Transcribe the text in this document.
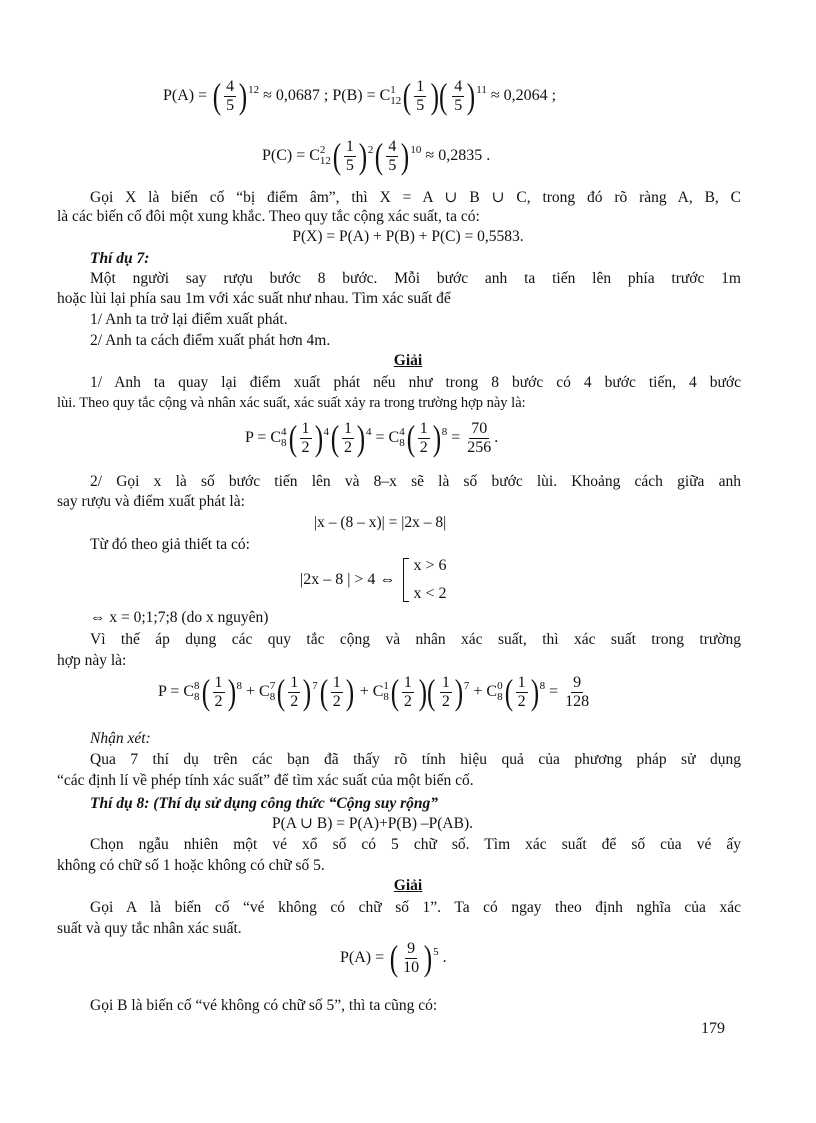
P(A) =
( $\frac{4}{5} )^{12}$
≈ 0,0687 ;
P(B) = C 1
12 ( $\frac{1}{5}$ )( $\frac{4}{5} )^{11}$
≈ 0,2064 ;
P(C) = C 2
12 ( $\frac{1}{5} )^2$ ( $\frac{4}{5} )^{10}$
≈ 0,2835 .
Gọi X là biến cố “bị điểm âm”, thì X = A ∪ B ∪ C, trong đó rõ ràng A, B, C
là các biến cố đôi một xung khắc. Theo quy tắc cộng xác suất, ta có:
P(X) = P(A) + P(B) + P(C) = 0,5583.
Thí dụ 7:
Một người say rượu bước 8 bước. Mỗi bước anh ta tiến lên phía trước 1m
hoặc lùi lại phía sau 1m với xác suất như nhau. Tìm xác suất để
1/ Anh ta trở lại điểm xuất phát.
2/ Anh ta cách điểm xuất phát hơn 4m.
Giải
1/ Anh ta quay lại điểm xuất phát nếu như trong 8 bước có 4 bước tiến, 4 bước
lùi. Theo quy tắc cộng và nhân xác suất, xác suất xảy ra trong trường hợp này là:
P = C 4
8 ( $\frac{1}{2} )^4$ ( $\frac{1}{2} )^4$
= C 4
8 ( $\frac{1}{2} )^8 = \frac{70}{256}$ .
2/ Gọi x là số bước tiến lên và 8–x sẽ là số bước lùi. Khoảng cách giữa anh
say rượu và điểm xuất phát là:
|x – (8 – x)| = |2x – 8|
Từ đó theo giả thiết ta có:
|2x – 8 | > 4 ⇔

x > 6
x < 2
⇔ x = 0;1;7;8 (do x nguyên)
Vì thế áp dụng các quy tắc cộng và nhân xác suất, thì xác suất trong trường
hợp này là:
P = C 8
8 ( $\frac{1}{2} )^8$
+ C 7
8 ( $\frac{1}{2} )^7$ ( $\frac{1}{2}$ )
+ C 1
8 ( $\frac{1}{2}$ )( $\frac{1}{2} )^7$
+ C 0
8 ( $\frac{1}{2} )^8 = \frac{9}{128}$
Nhận xét:
Qua 7 thí dụ trên các bạn đã thấy rõ tính hiệu quả của phương pháp sử dụng
“các định lí về phép tính xác suất” để tìm xác suất của một biến cố.
Thí dụ 8: (Thí dụ sử dụng công thức “Cộng suy rộng”
P(A ∪ B) = P(A)+P(B) –P(AB).
Chọn ngẫu nhiên một vé xổ số có 5 chữ số. Tìm xác suất để số của vé ấy
không có chữ số 1 hoặc không có chữ số 5.
Giải
Gọi A là biến cố “vé không có chữ số 1”. Ta có ngay theo định nghĩa của xác
suất và quy tắc nhân xác suất.
P(A) =
( $\frac{9}{10} )^5$ .
Gọi B là biến cố “vé không có chữ số 5”, thì ta cũng có:
179
